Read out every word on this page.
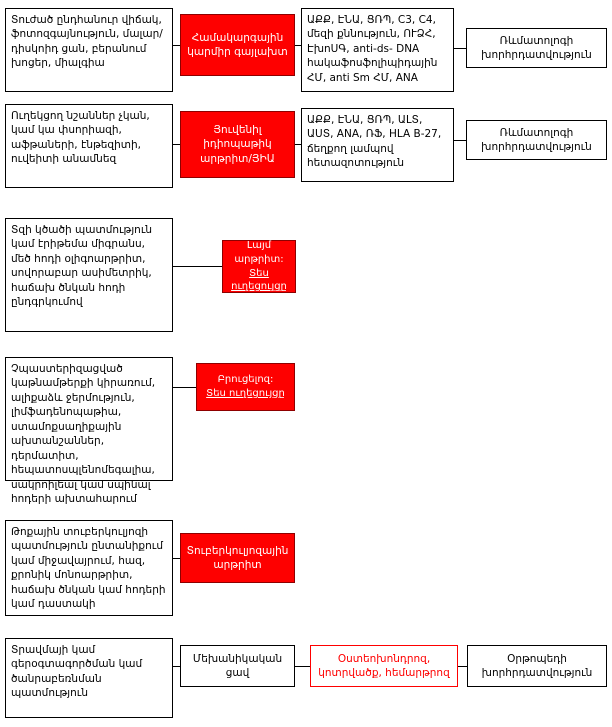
Տուժած ընդհանուր վիճակ, ֆոտոզգայնություն, մալար/դիսկոիդ ցան, բերանում խոցեր, միալգիա
Համակարգային կարմիր գայլախտ
ԱՔՔ, ԷՆԱ, ՑՌՊ, C3, C4, մեզի քննություն, ՈՒՁՀ, ԷխոՍԳ, anti-ds- DNA հակաֆոսֆոլիպիդային ՀՄ, anti Sm ՀՄ, ANA
Ռևմատոլոգի խորհրդատվություն
Ուղեկցող նշաններ չկան, կամ կա փսորիազի, աֆթաների, էնթեզիտի, ուվեիտի անամնեզ
Յուվենիլ իդիոպաթիկ արթրիտ/ՅԻԱ
ԱՔՔ, ԷՆԱ, ՑՌՊ, ԱԼՏ, ԱՍՏ, ANA, ՌՖ, HLA B-27, ճեղքող լամպով հետազոտություն
Ռևմատոլոգի խորհրդատվություն
Տզի կծածի պատմություն կամ էրիթեմա միգրանս, մեծ հոդի օլիգոարթրիտ, սովորաբար ասիմետրիկ, հաճախ ծնկան հոդի ընդգրկումով
Լայմ արթրիտ:
Տես ուղեցույցը
Չպաստերիզացված կաթնամթերքի կիրառում, ալիքաձև ջերմություն, լիմֆադենոպաթիա, ստամոքսաղիքային ախտանշաններ, դերմատիտ, հեպատոսպլենոմեգալիա, սակրոիլեալ կամ սպինալ հոդերի ախտահարում
Բրուցելոզ:
Տես ուղեցույցը
Թոքային տուբերկուլյոզի պատմություն ընտանիքում կամ միջավայրում, հազ, քրոնիկ մոնոարթրիտ, հաճախ ծնկան կամ հոդերի կամ դաստակի
Տուբերկուլյոզային արթրիտ
Տրավմայի կամ գերօգտագործման կամ ծանրաբեռնման պատմություն
Մեխանիկական ցավ
Օստեոխոնդրոզ, կոտրվածք, հեմարթրոզ
Օրթոպեդի խորհրդատվություն
